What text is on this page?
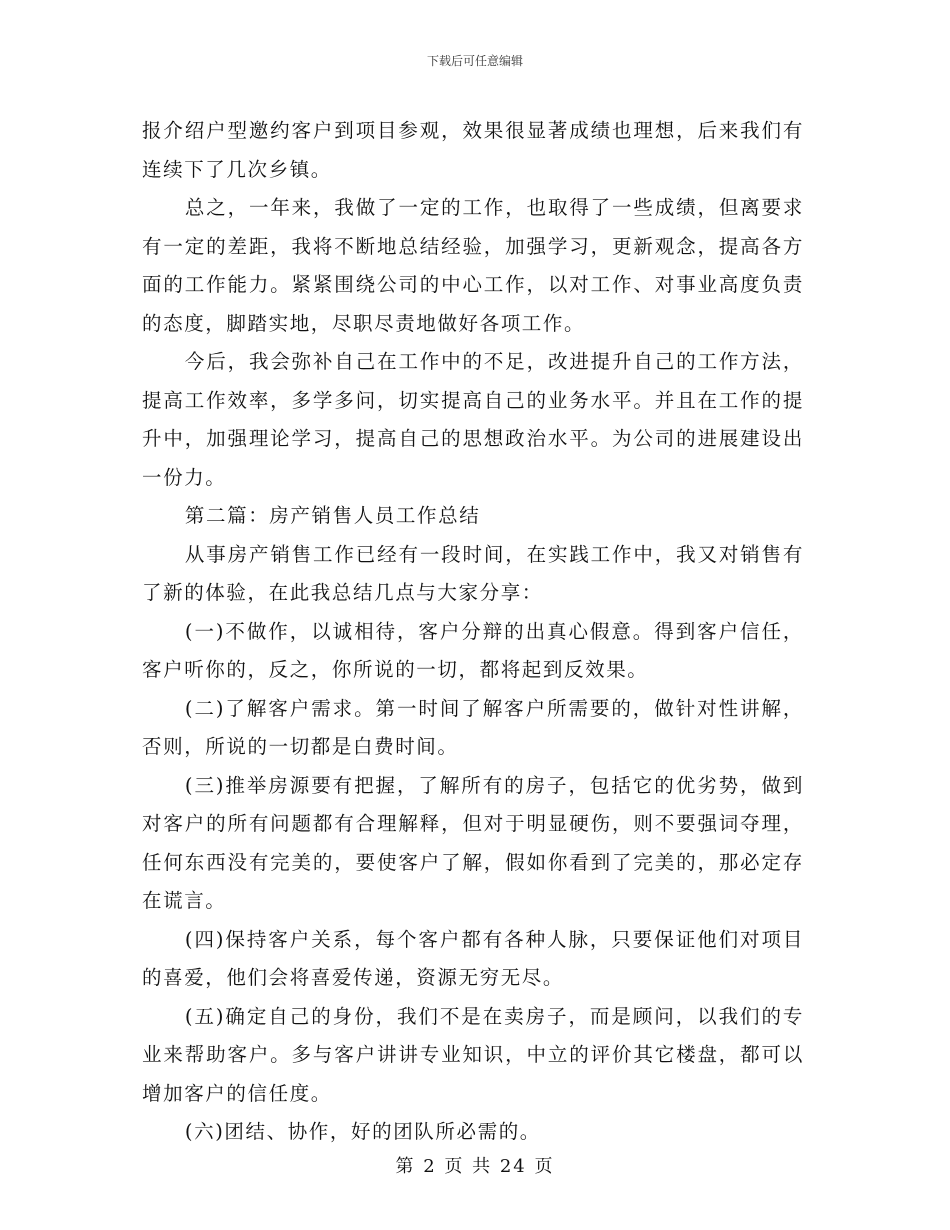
下载后可任意编辑

报介绍户型邀约客户到项目参观，效果很显著成绩也理想，后来我们有连续下了几次乡镇。

总之，一年来，我做了一定的工作，也取得了一些成绩，但离要求有一定的差距，我将不断地总结经验，加强学习，更新观念，提高各方面的工作能力。紧紧围绕公司的中心工作，以对工作、对事业高度负责的态度，脚踏实地，尽职尽责地做好各项工作。

今后，我会弥补自己在工作中的不足，改进提升自己的工作方法，提高工作效率，多学多问，切实提高自己的业务水平。并且在工作的提升中，加强理论学习，提高自己的思想政治水平。为公司的进展建设出一份力。

第二篇：房产销售人员工作总结

从事房产销售工作已经有一段时间，在实践工作中，我又对销售有了新的体验，在此我总结几点与大家分享：

(一)不做作，以诚相待，客户分辩的出真心假意。得到客户信任，客户听你的，反之，你所说的一切，都将起到反效果。

(二)了解客户需求。第一时间了解客户所需要的，做针对性讲解，否则，所说的一切都是白费时间。

(三)推举房源要有把握，了解所有的房子，包括它的优劣势，做到对客户的所有问题都有合理解释，但对于明显硬伤，则不要强词夺理，任何东西没有完美的，要使客户了解，假如你看到了完美的，那必定存在谎言。

(四)保持客户关系，每个客户都有各种人脉，只要保证他们对项目的喜爱，他们会将喜爱传递，资源无穷无尽。

(五)确定自己的身份，我们不是在卖房子，而是顾问，以我们的专业来帮助客户。多与客户讲讲专业知识，中立的评价其它楼盘，都可以增加客户的信任度。

(六)团结、协作，好的团队所必需的。

第 2 页 共 24 页
